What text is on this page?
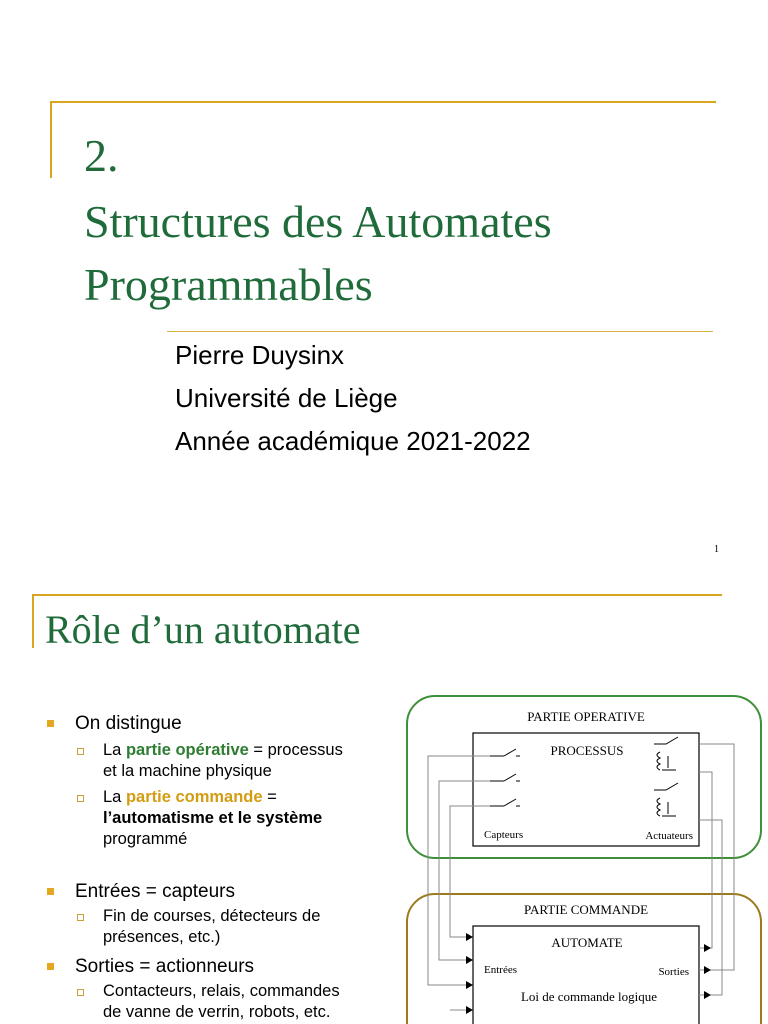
2.
Structures des Automates
Programmables
Pierre Duysinx
Université de Liège
Année académique 2021-2022
1
Rôle d’un automate
On distingue
La partie opérative = processus
et la machine physique
La partie commande =
l’automatisme et le système
programmé
Entrées = capteurs
Fin de courses, détecteurs de
présences, etc.)
Sorties = actionneurs
Contacteurs, relais, commandes
de vanne de verrin, robots, etc.
PARTIE OPERATIVE
PROCESSUS
Capteurs	Actuateurs
PARTIE COMMANDE
AUTOMATE
Entrées	Sorties
Loi de commande logique
